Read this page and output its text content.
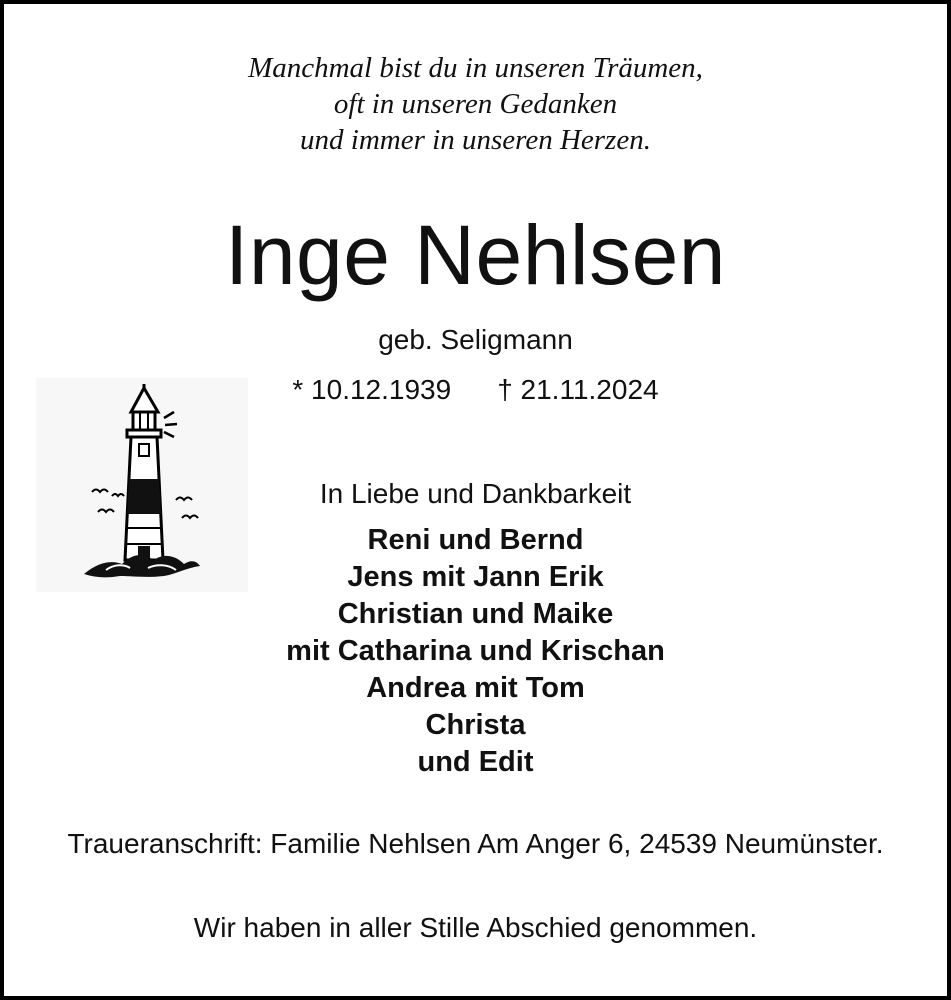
Manchmal bist du in unseren Träumen,
oft in unseren Gedanken
und immer in unseren Herzen.
Inge Nehlsen
geb. Seligmann
* 10.12.1939 † 21.11.2024
In Liebe und Dankbarkeit
Reni und Bernd
Jens mit Jann Erik
Christian und Maike
mit Catharina und Krischan
Andrea mit Tom
Christa
und Edit
Traueranschrift: Familie Nehlsen Am Anger 6, 24539 Neumünster.
Wir haben in aller Stille Abschied genommen.
